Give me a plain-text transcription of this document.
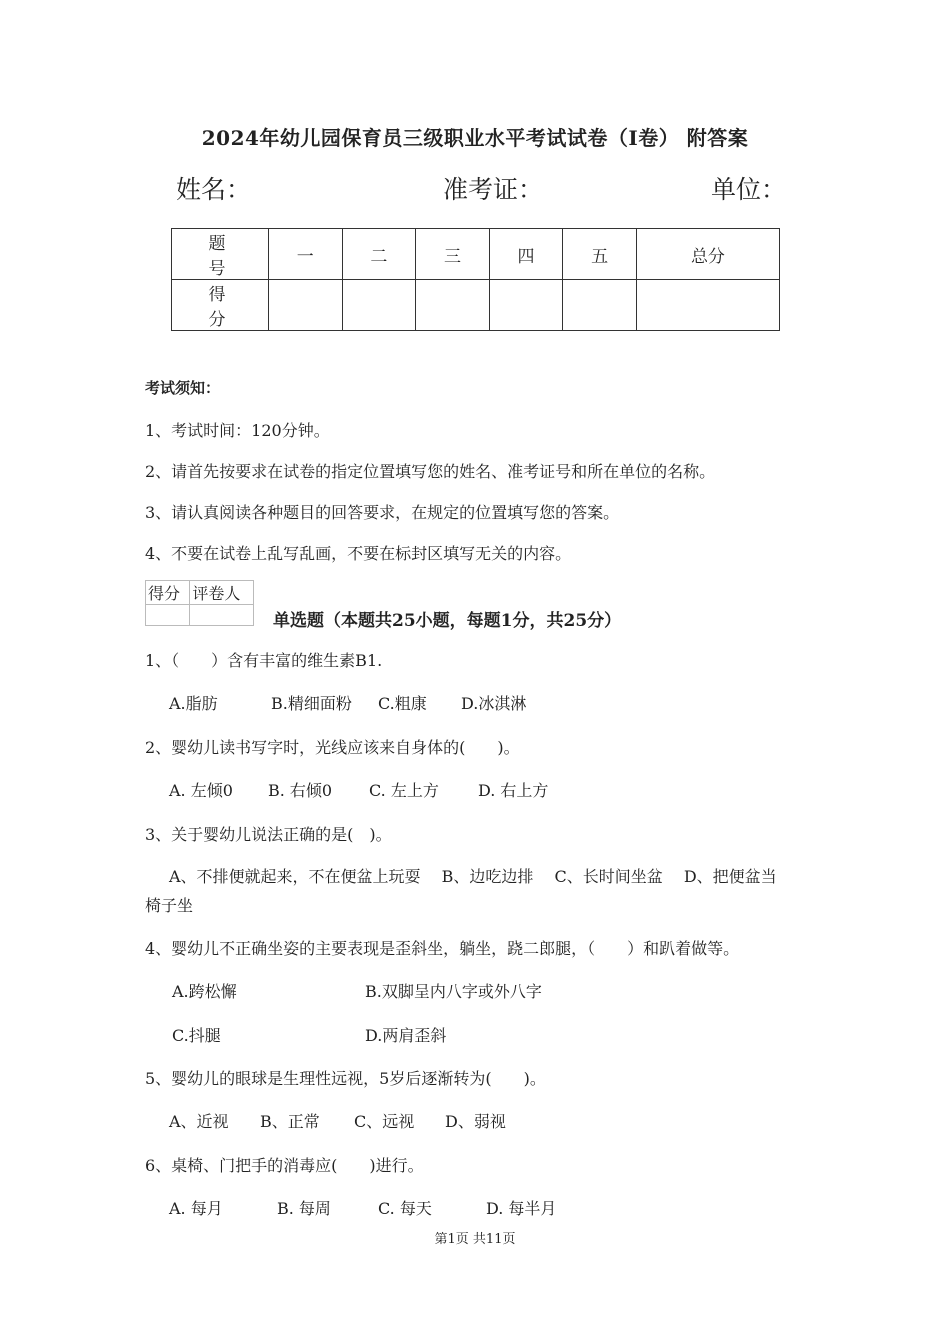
2024年幼儿园保育员三级职业水平考试试卷（I卷） 附答案
姓名：	准考证：	单位：
题　号	一	二	三	四	五	总分
得　分						
考试须知：
1、考试时间：120分钟。
2、请首先按要求在试卷的指定位置填写您的姓名、准考证号和所在单位的名称。
3、请认真阅读各种题目的回答要求，在规定的位置填写您的答案。
4、不要在试卷上乱写乱画，不要在标封区填写无关的内容。
得分	评卷人

单选题（本题共25小题，每题1分，共25分）
1、（　　）含有丰富的维生素B1.
A.脂肪	B.精细面粉 C.粗康 D.冰淇淋
2、婴幼儿读书写字时，光线应该来自身体的(　　)。
A. 左倾0 B. 右倾0 C. 左上方 D. 右上方
3、关于婴幼儿说法正确的是(　)。
A、不排便就起来，不在便盆上玩耍　 B、边吃边排　 C、长时间坐盆　 D、把便盆当
椅子坐
4、婴幼儿不正确坐姿的主要表现是歪斜坐，躺坐，跷二郎腿，（　　）和趴着做等。
A.跨松懈	B.双脚呈内八字或外八字
C.抖腿	D.两肩歪斜
5、婴幼儿的眼球是生理性远视，5岁后逐渐转为(　　)。
A、近视 B、正常 C、远视 D、弱视
6、桌椅、门把手的消毒应(　　)进行。
A. 每月	B. 每周	C. 每天	D. 每半月
第1页 共11页
